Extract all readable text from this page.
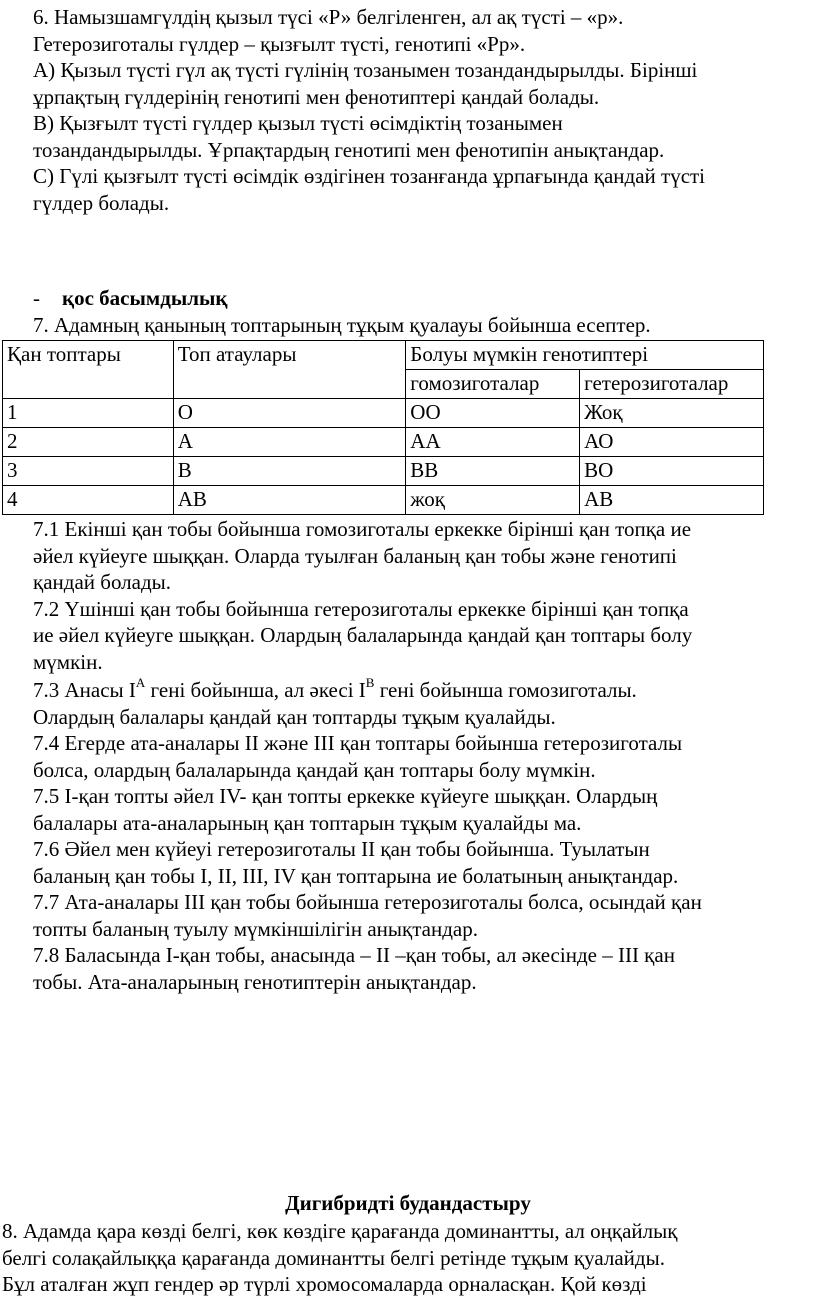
6. Намызшамгүлдің қызыл түсі «Р» белгіленген, ал ақ түсті – «р».

Гетерозиготалы гүлдер – қызғылт түсті, генотипі «Рр».

А) Қызыл түсті гүл ақ түсті гүлінің тозанымен тозандандырылды. Бірінші

ұрпақтың гүлдерінің генотипі мен фенотиптері қандай болады.

В) Қызғылт түсті гүлдер қызыл түсті өсімдіктің тозанымен

тозандандырылды. Ұрпақтардың генотипі мен фенотипін анықтандар.

С) Гүлі қызғылт түсті өсімдік өздігінен тозанғанда ұрпағында қандай түсті

гүлдер болады.

- қос басымдылық

7. Адамның қанының топтарының тұқым қуалауы бойынша есептер.

Қан топтары	Топ атаулары	Болуы мүмкін генотиптері	
		гомозиготалар	гетерозиготалар
1	О	ОО	Жоқ
2	А	АА	АО
3	В	ВВ	ВО
4	АВ	жоқ	АВ

7.1 Екінші қан тобы бойынша гомозиготалы еркекке бірінші қан топқа ие

әйел күйеуге шыққан. Оларда туылған баланың қан тобы және генотипі

қандай болады.

7.2 Үшінші қан тобы бойынша гетерозиготалы еркекке бірінші қан топқа

ие әйел күйеуге шыққан. Олардың балаларында қандай қан топтары болу

мүмкін.

7.3 Анасы $I^А$ гені бойынша, ал әкесі $I^В$ гені бойынша гомозиготалы.

Олардың балалары қандай қан топтарды тұқым қуалайды.

7.4 Егерде ата-аналары II және III қан топтары бойынша гетерозиготалы

болса, олардың балаларында қандай қан топтары болу мүмкін.

7.5 I-қан топты әйел IV- қан топты еркекке күйеуге шыққан. Олардың

балалары ата-аналарының қан топтарын тұқым қуалайды ма.

7.6 Әйел мен күйеуі гетерозиготалы II қан тобы бойынша. Туылатын

баланың қан тобы I, II, III, IV қан топтарына ие болатының анықтандар.

7.7 Ата-аналары III қан тобы бойынша гетерозиготалы болса, осындай қан

топты баланың туылу мүмкіншілігін анықтандар.

7.8 Баласында I-қан тобы, анасында – II –қан тобы, ал әкесінде – III қан

тобы. Ата-аналарының генотиптерін анықтандар.

Дигибридті будандастыру

8. Адамда қара көзді белгі, көк көздіге қарағанда доминантты, ал оңқайлық

белгі солақайлыққа қарағанда доминантты белгі ретінде тұқым қуалайды.

Бұл аталған жұп гендер әр түрлі хромосомаларда орналасқан. Қой көзді
